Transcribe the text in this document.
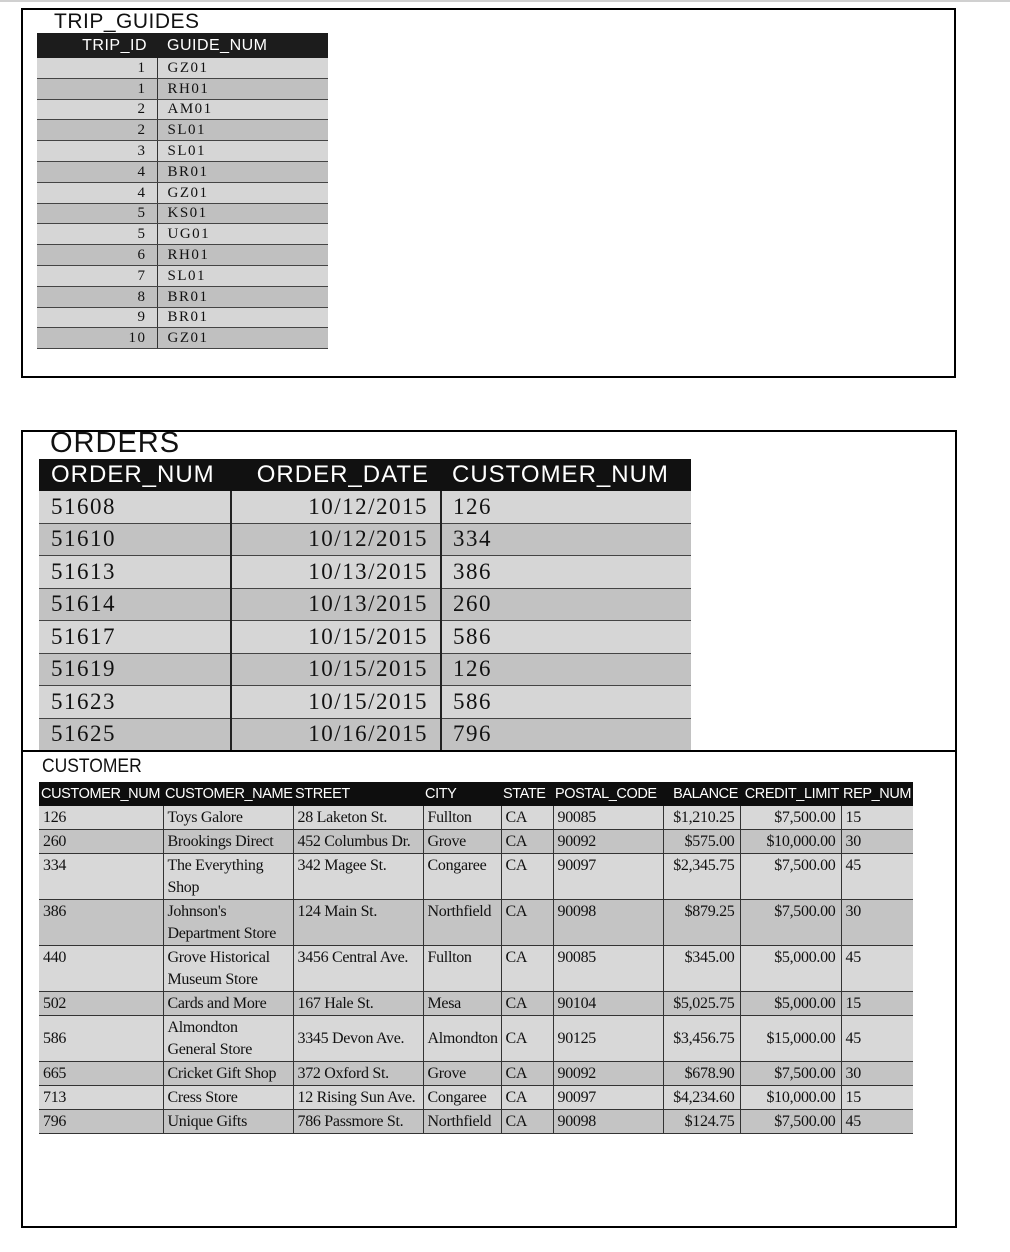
TRIP_GUIDES
TRIP_ID	GUIDE_NUM
1	GZ01
1	RH01
2	AM01
2	SL01
3	SL01
4	BR01
4	GZ01
5	KS01
5	UG01
6	RH01
7	SL01
8	BR01
9	BR01
10	GZ01
ORDERS
ORDER_NUM	ORDER_DATE	CUSTOMER_NUM
51608	10/12/2015	126
51610	10/12/2015	334
51613	10/13/2015	386
51614	10/13/2015	260
51617	10/15/2015	586
51619	10/15/2015	126
51623	10/15/2015	586
51625	10/16/2015	796
CUSTOMER
CUSTOMER_NUM	CUSTOMER_NAME	STREET	CITY	STATE	POSTAL_CODE	BALANCE	CREDIT_LIMIT	REP_NUM
126	Toys Galore	28 Laketon St.	Fullton	CA	90085	$1,210.25	$7,500.00	15
260	Brookings Direct	452 Columbus Dr.	Grove	CA	90092	$575.00	$10,000.00	30
334	The Everything Shop	342 Magee St.	Congaree	CA	90097	$2,345.75	$7,500.00	45
386	Johnson's Department Store	124 Main St.	Northfield	CA	90098	$879.25	$7,500.00	30
440	Grove Historical Museum Store	3456 Central Ave.	Fullton	CA	90085	$345.00	$5,000.00	45
502	Cards and More	167 Hale St.	Mesa	CA	90104	$5,025.75	$5,000.00	15
586	Almondton General Store	3345 Devon Ave.	Almondton	CA	90125	$3,456.75	$15,000.00	45
665	Cricket Gift Shop	372 Oxford St.	Grove	CA	90092	$678.90	$7,500.00	30
713	Cress Store	12 Rising Sun Ave.	Congaree	CA	90097	$4,234.60	$10,000.00	15
796	Unique Gifts	786 Passmore St.	Northfield	CA	90098	$124.75	$7,500.00	45
